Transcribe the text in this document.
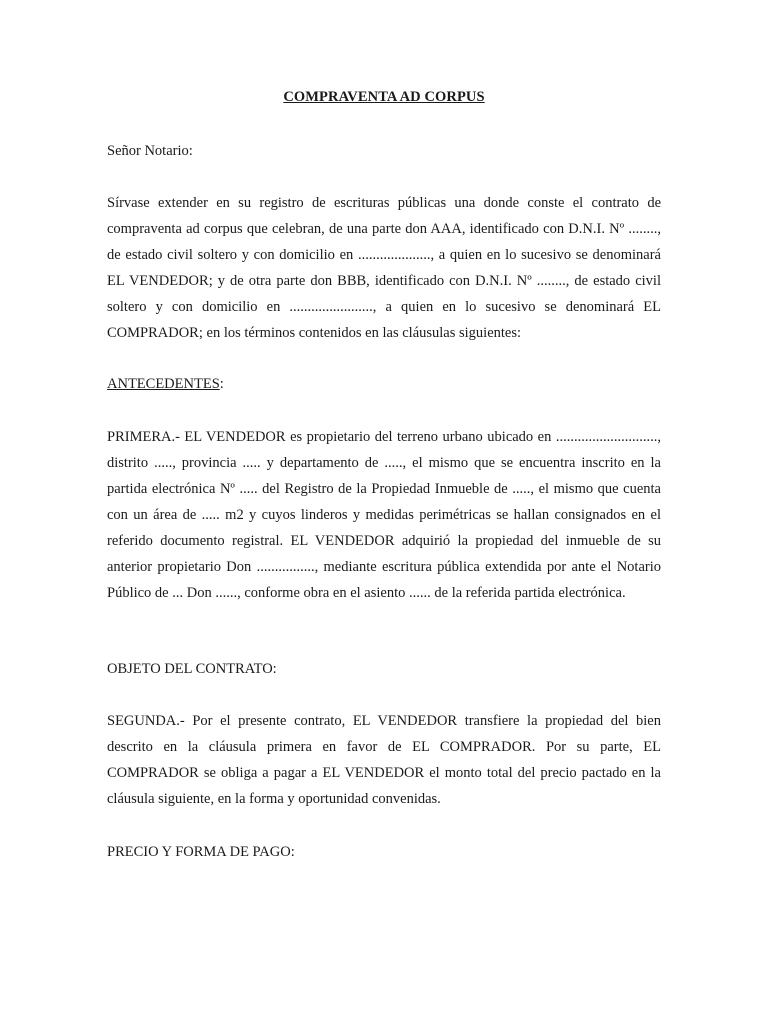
COMPRAVENTA AD CORPUS
Señor Notario:

Sírvase extender en su registro de escrituras públicas una donde conste el contrato de compraventa ad corpus que celebran, de una parte don AAA, identificado con D.N.I. Nº ........, de estado civil soltero y con domicilio en ...................., a quien en lo sucesivo se denominará EL VENDEDOR; y de otra parte don BBB, identificado con D.N.I. Nº ........, de estado civil soltero y con domicilio en ......................., a quien en lo sucesivo se denominará EL COMPRADOR; en los términos contenidos en las cláusulas siguientes:

ANTECEDENTES:

PRIMERA.- EL VENDEDOR es propietario del terreno urbano ubicado en ............................, distrito ....., provincia ..... y departamento de ....., el mismo que se encuentra inscrito en la partida electrónica Nº ..... del Registro de la Propiedad Inmueble de ....., el mismo que cuenta con un área de ..... m2 y cuyos linderos y medidas perimétricas se hallan consignados en el referido documento registral. EL VENDEDOR adquirió la propiedad del inmueble de su anterior propietario Don ................, mediante escritura pública extendida por ante el Notario Público de ... Don ......, conforme obra en el asiento ...... de la referida partida electrónica.

OBJETO DEL CONTRATO:

SEGUNDA.- Por el presente contrato, EL VENDEDOR transfiere la propiedad del bien descrito en la cláusula primera en favor de EL COMPRADOR. Por su parte, EL COMPRADOR se obliga a pagar a EL VENDEDOR el monto total del precio pactado en la cláusula siguiente, en la forma y oportunidad convenidas.

PRECIO Y FORMA DE PAGO:
